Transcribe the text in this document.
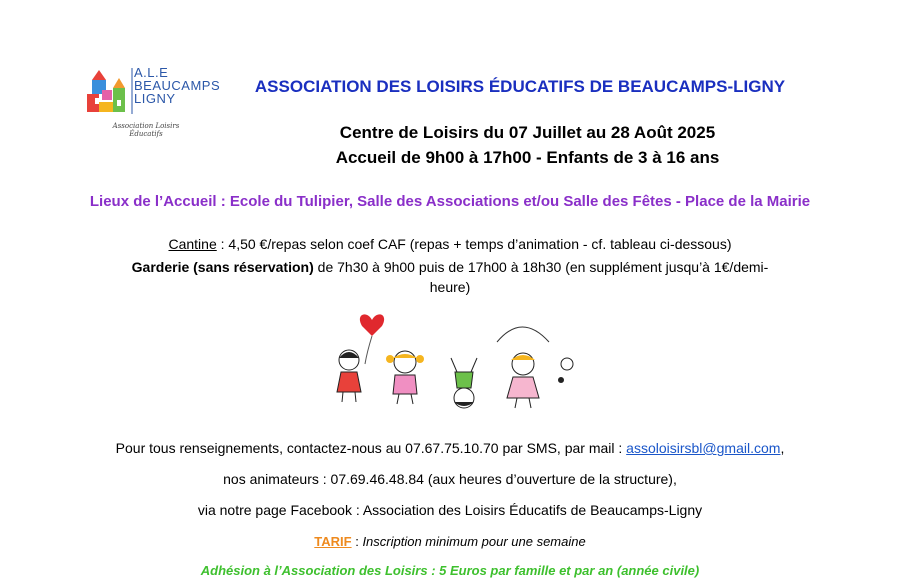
A.L.E
BEAUCAMPS
LIGNY
Association Loisirs Éducatifs
ASSOCIATION DES LOISIRS ÉDUCATIFS DE BEAUCAMPS-LIGNY
Centre de Loisirs du 07 Juillet au 28 Août 2025
Accueil de 9h00 à 17h00 - Enfants de 3 à 16 ans
Lieux de l’Accueil : Ecole du Tulipier, Salle des Associations et/ou Salle des Fêtes - Place de la Mairie
Cantine : 4,50 €/repas selon coef CAF (repas + temps d’animation - cf. tableau ci-dessous)
Garderie (sans réservation) de 7h30 à 9h00 puis de 17h00 à 18h30 (en supplément jusqu’à 1€/demi-heure)
Pour tous renseignements, contactez-nous au 07.67.75.10.70 par SMS, par mail : assoloisirsbl@gmail.com,
nos animateurs : 07.69.46.48.84 (aux heures d’ouverture de la structure),
via notre page Facebook : Association des Loisirs Éducatifs de Beaucamps-Ligny
TARIF : Inscription minimum pour une semaine
Adhésion à l’Association des Loisirs : 5 Euros par famille et par an (année civile)
